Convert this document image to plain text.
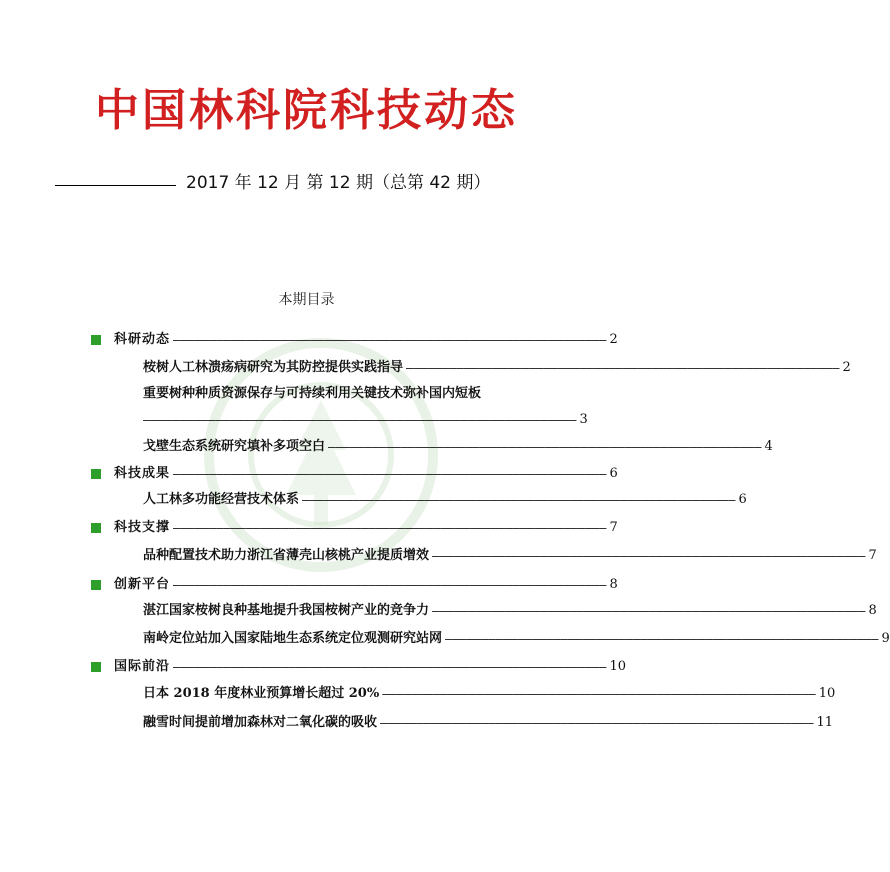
中国林科院科技动态
2017 年 12 月 第 12 期（总第 42 期）
本期目录
科研动态 ———————————————————————————————————————————————————————————— 2
桉树人工林溃疡病研究为其防控提供实践指导 ———————————————————————————————————————————————————————————— 2
重要树种种质资源保存与可持续利用关键技术弥补国内短板
———————————————————————————————————————————————————————————— 3
戈壁生态系统研究填补多项空白 ———————————————————————————————————————————————————————————— 4
科技成果 ———————————————————————————————————————————————————————————— 6
人工林多功能经营技术体系 ———————————————————————————————————————————————————————————— 6
科技支撑 ———————————————————————————————————————————————————————————— 7
品种配置技术助力浙江省薄壳山核桃产业提质增效 ———————————————————————————————————————————————————————————— 7
创新平台 ———————————————————————————————————————————————————————————— 8
湛江国家桉树良种基地提升我国桉树产业的竞争力 ———————————————————————————————————————————————————————————— 8
南岭定位站加入国家陆地生态系统定位观测研究站网 ———————————————————————————————————————————————————————————— 9
国际前沿 ———————————————————————————————————————————————————————————— 10
日本 2018 年度林业预算增长超过 20% ———————————————————————————————————————————————————————————— 10
融雪时间提前增加森林对二氧化碳的吸收 ———————————————————————————————————————————————————————————— 11
